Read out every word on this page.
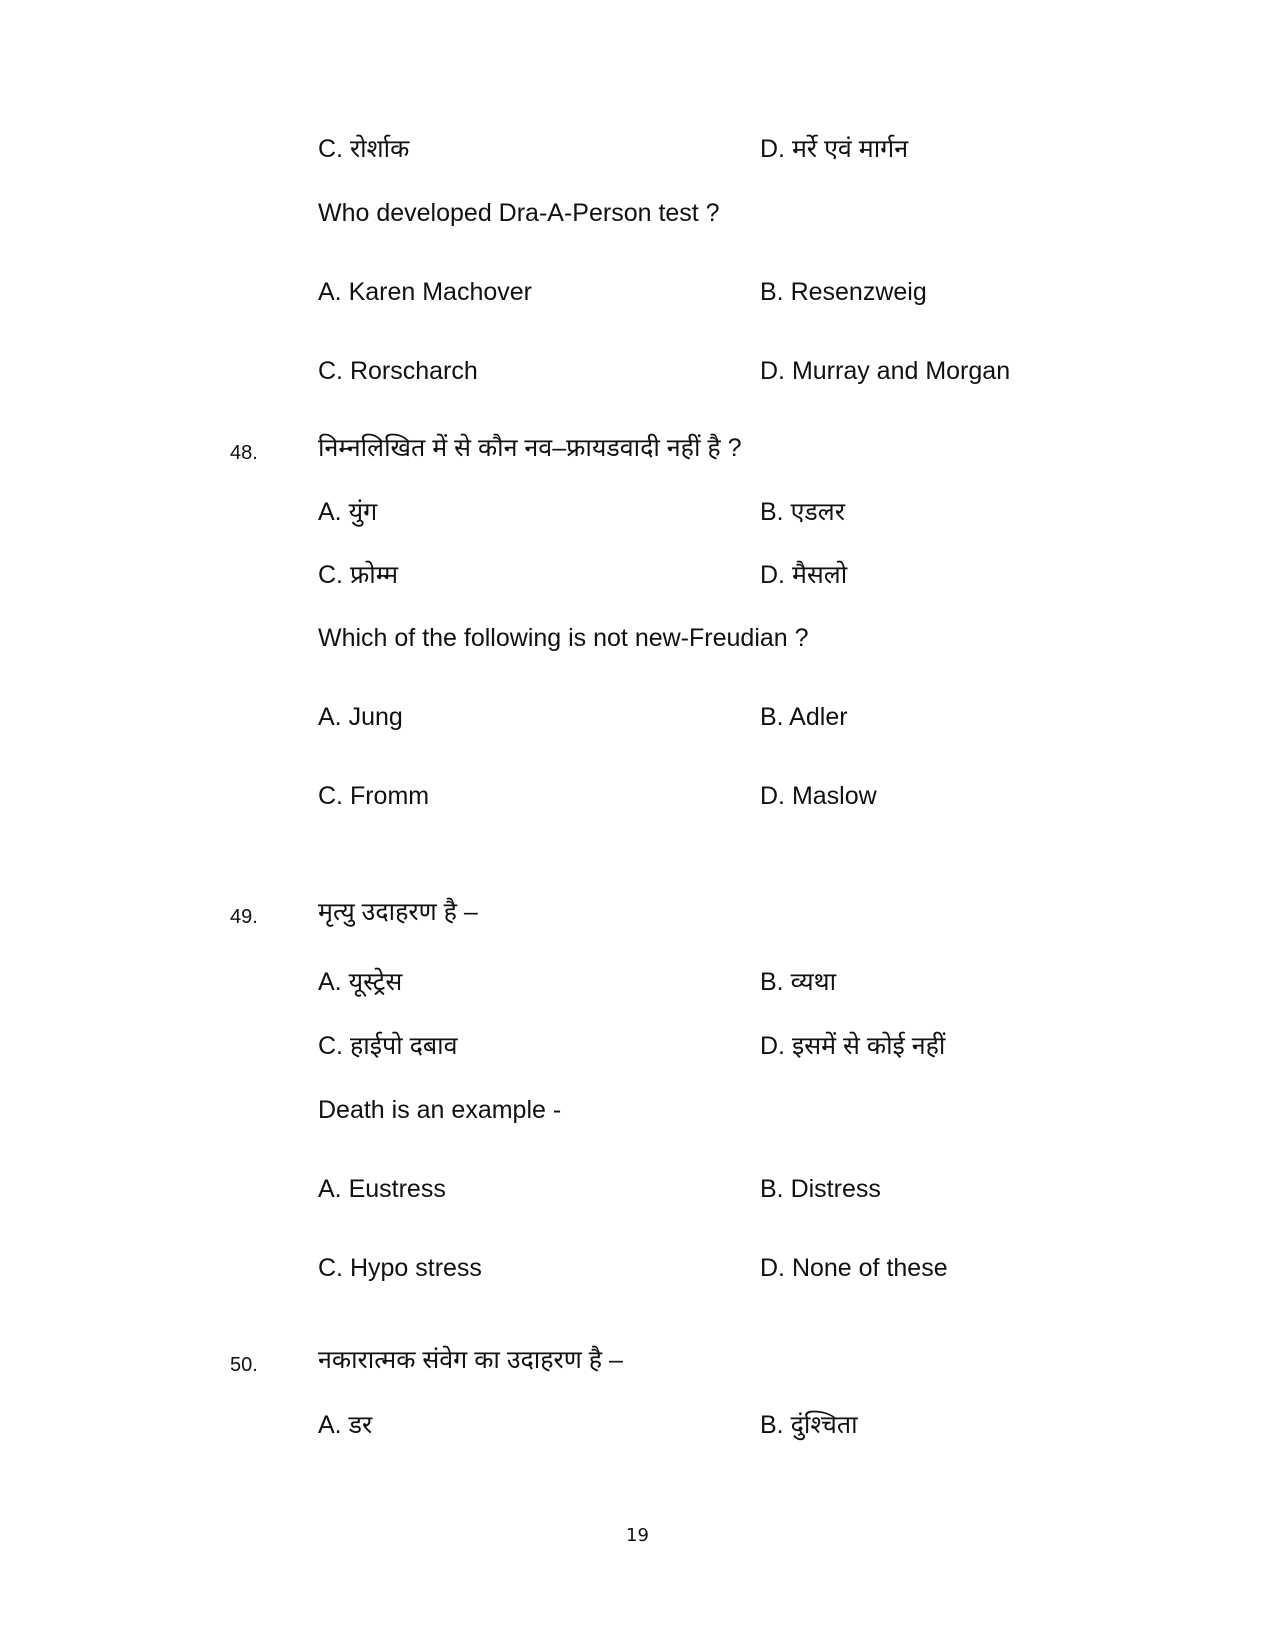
C. रोर्शाक	D. मर्रे एवं मार्गन
Who developed Dra-A-Person test ?
A. Karen Machover	B. Resenzweig
C. Rorscharch	D. Murray and Morgan
48. निम्नलिखित में से कौन नव–फ्रायडवादी नहीं है ?
A. युंग	B. एडलर
C. फ्रोम्म	D. मैसलो
Which of the following is not new-Freudian ?
A. Jung	B. Adler
C. Fromm	D. Maslow
49. मृत्यु उदाहरण है –
A. यूस्ट्रेस	B. व्यथा
C. हाईपो दबाव	D. इसमें से कोई नहीं
Death is an example -
A. Eustress	B. Distress
C. Hypo stress	D. None of these
50. नकारात्मक संवेग का उदाहरण है –
A. डर	B. दुंश्चिता
19
